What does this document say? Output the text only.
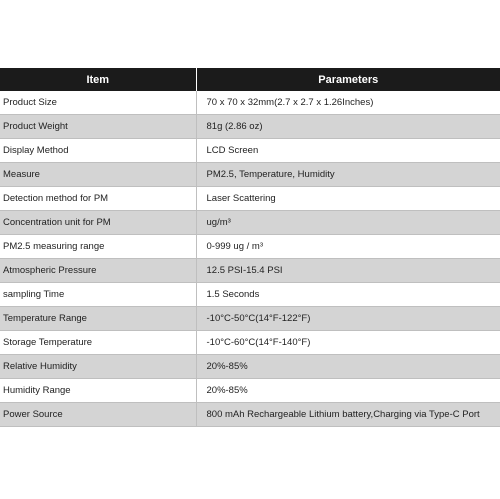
Item	Parameters
Product Size	70 x 70 x 32mm(2.7 x 2.7 x 1.26Inches)
Product Weight	81g (2.86 oz)
Display Method	LCD Screen
Measure	PM2.5, Temperature, Humidity
Detection method for PM	Laser Scattering
Concentration unit for PM	ug/m³
PM2.5 measuring range	0-999 ug / m³
Atmospheric Pressure	12.5 PSI-15.4 PSI
sampling Time	1.5 Seconds
Temperature Range	-10°C-50°C(14°F-122°F)
Storage Temperature	-10°C-60°C(14°F-140°F)
Relative Humidity	20%-85%
Humidity Range	20%-85%
Power Source	800 mAh Rechargeable Lithium battery,Charging via Type-C Port
